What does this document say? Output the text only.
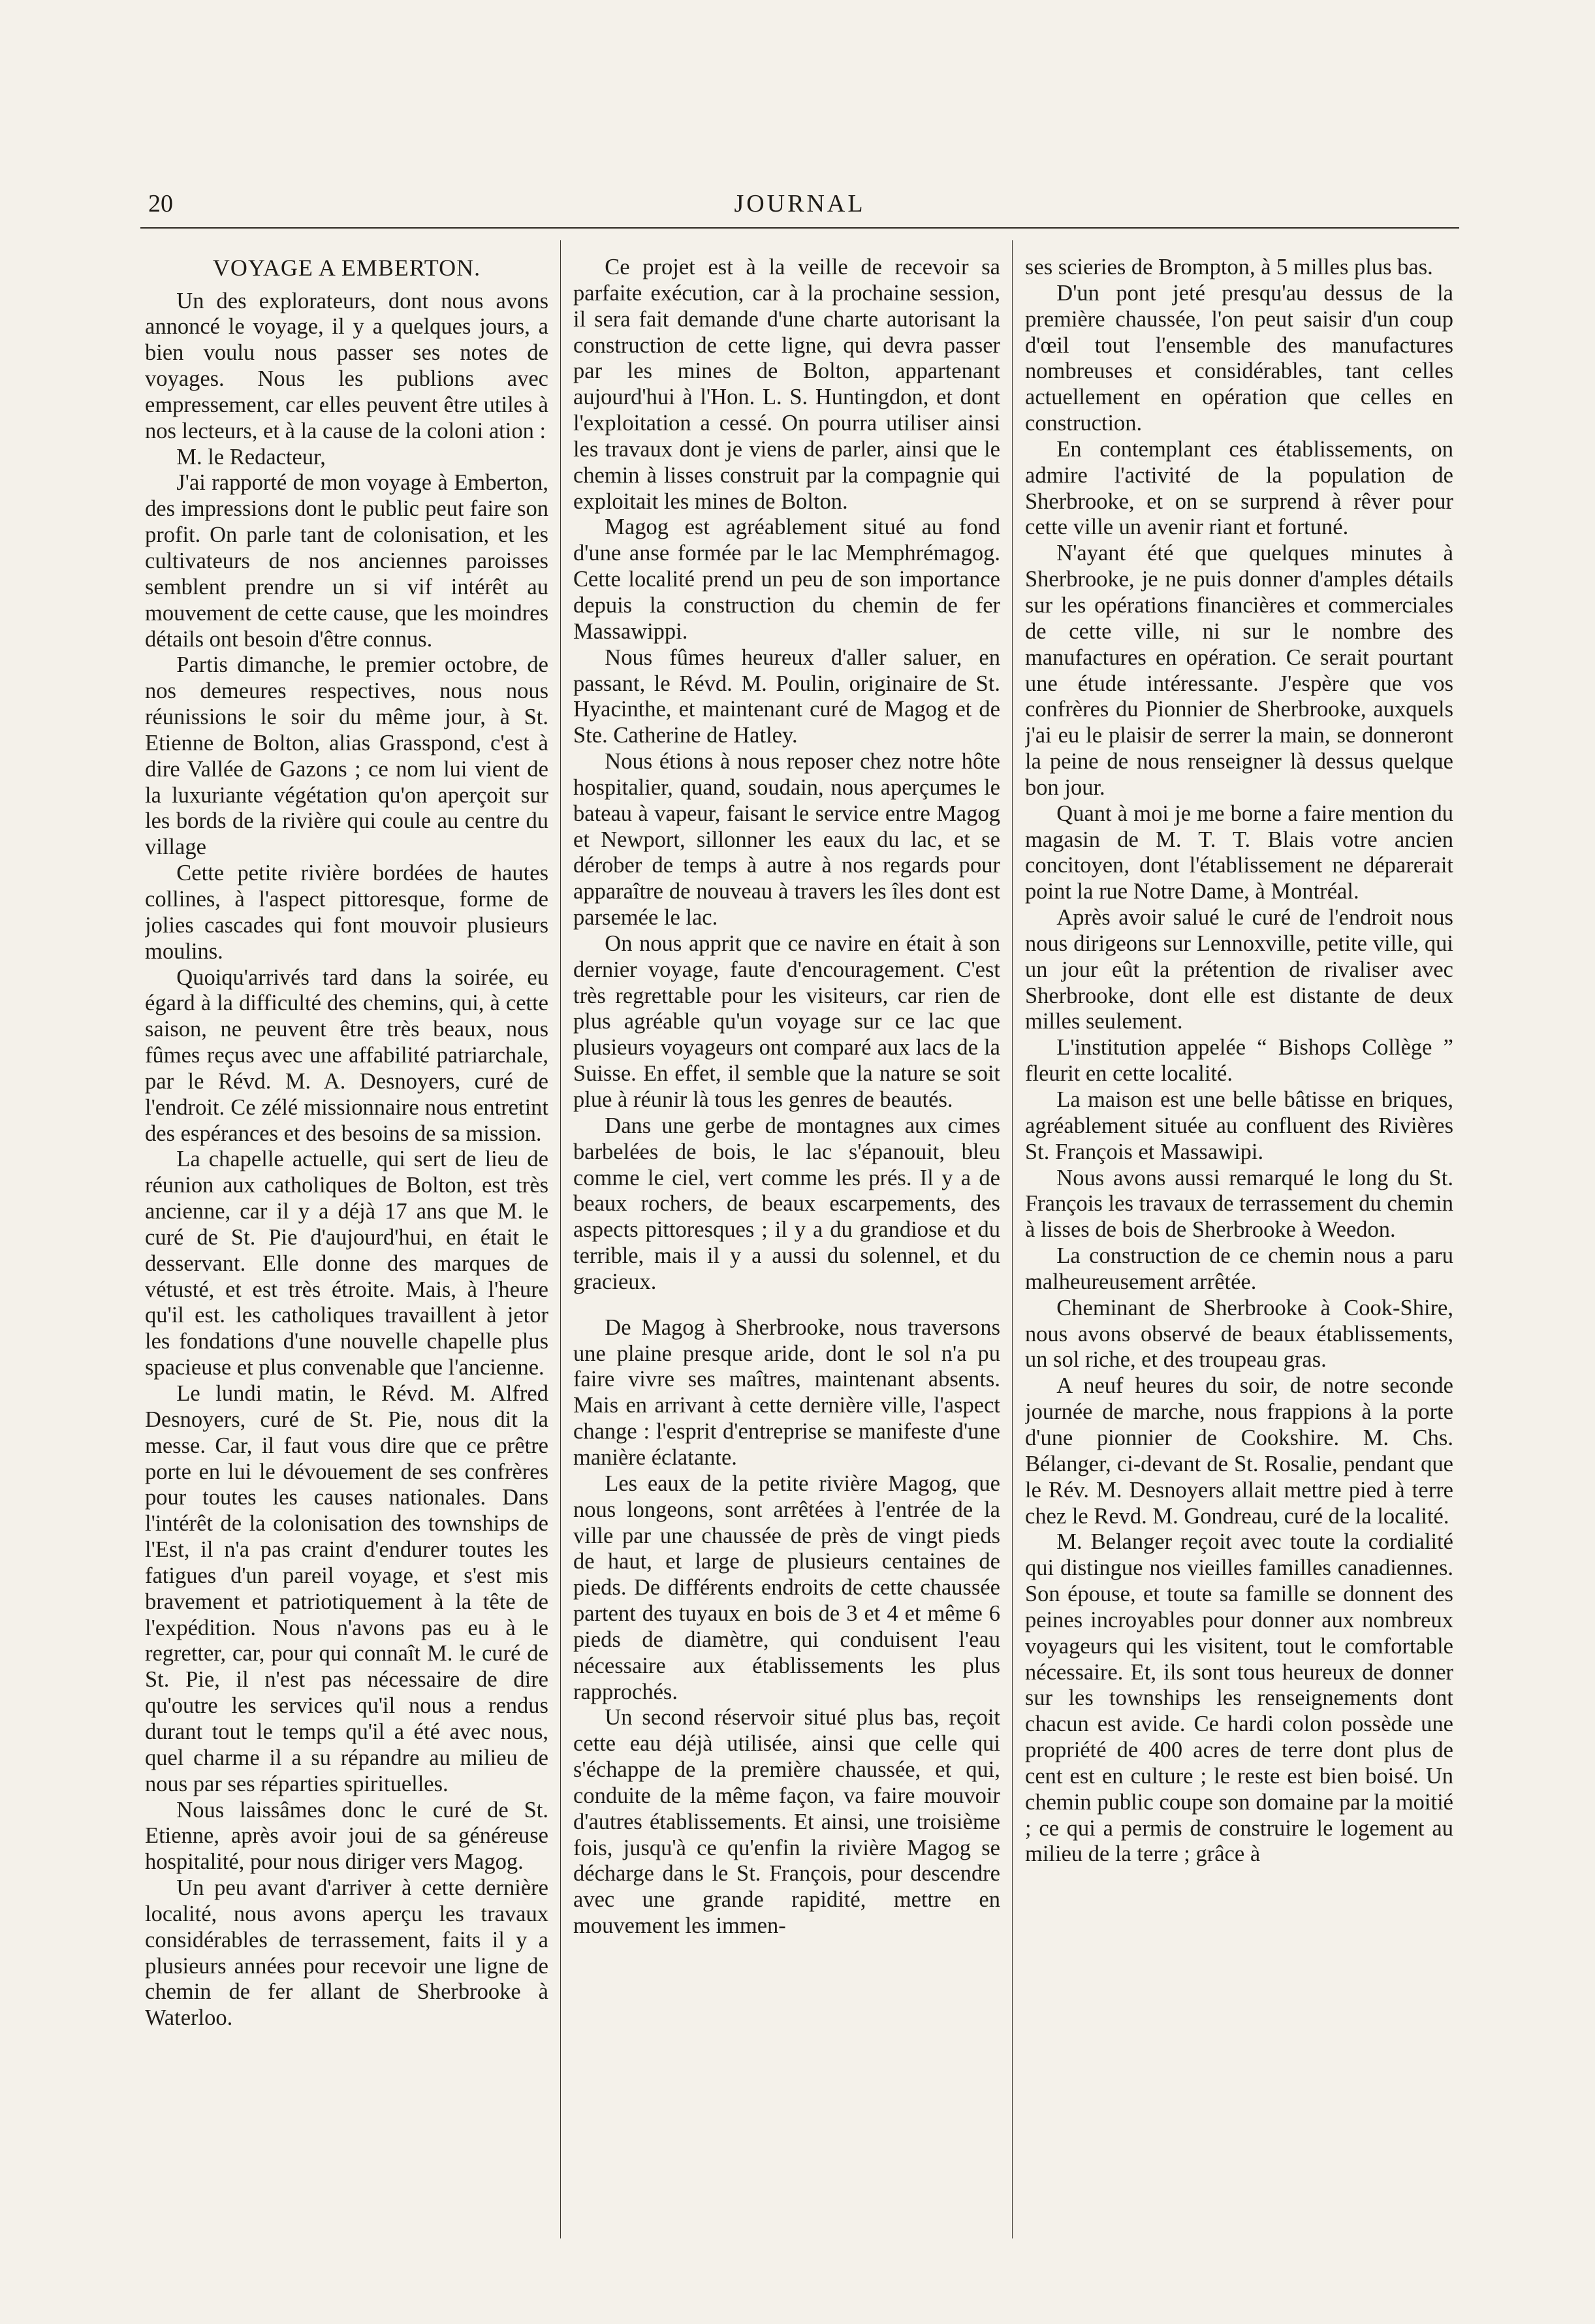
20	JOURNAL
VOYAGE A EMBERTON.

Un des explorateurs, dont nous avons annoncé le voyage, il y a quelques jours, a bien voulu nous passer ses notes de voyages. Nous les publions avec empressement, car elles peuvent être utiles à nos lecteurs, et à la cause de la coloni ation :

M. le Redacteur,

J'ai rapporté de mon voyage à Emberton, des impressions dont le public peut faire son profit. On parle tant de colonisation, et les cultivateurs de nos anciennes paroisses semblent prendre un si vif intérêt au mouvement de cette cause, que les moindres détails ont besoin d'être connus.

Partis dimanche, le premier octobre, de nos demeures respectives, nous nous réunissions le soir du même jour, à St. Etienne de Bolton, alias Grasspond, c'est à dire Vallée de Gazons ; ce nom lui vient de la luxuriante végétation qu'on aperçoit sur les bords de la rivière qui coule au centre du village

Cette petite rivière bordées de hautes collines, à l'aspect pittoresque, forme de jolies cascades qui font mouvoir plusieurs moulins.

Quoiqu'arrivés tard dans la soirée, eu égard à la difficulté des chemins, qui, à cette saison, ne peuvent être très beaux, nous fûmes reçus avec une affabilité patriarchale, par le Révd. M. A. Desnoyers, curé de l'endroit. Ce zélé missionnaire nous entretint des espérances et des besoins de sa mission.

La chapelle actuelle, qui sert de lieu de réunion aux catholiques de Bolton, est très ancienne, car il y a déjà 17 ans que M. le curé de St. Pie d'aujourd'hui, en était le desservant. Elle donne des marques de vétusté, et est très étroite. Mais, à l'heure qu'il est. les catholiques travaillent à jetor les fondations d'une nouvelle chapelle plus spacieuse et plus convenable que l'ancienne.

Le lundi matin, le Révd. M. Alfred Desnoyers, curé de St. Pie, nous dit la messe. Car, il faut vous dire que ce prêtre porte en lui le dévouement de ses confrères pour toutes les causes nationales. Dans l'intérêt de la colonisation des townships de l'Est, il n'a pas craint d'endurer toutes les fatigues d'un pareil voyage, et s'est mis bravement et patriotiquement à la tête de l'expédition. Nous n'avons pas eu à le regretter, car, pour qui connaît M. le curé de St. Pie, il n'est pas nécessaire de dire qu'outre les services qu'il nous a rendus durant tout le temps qu'il a été avec nous, quel charme il a su répandre au milieu de nous par ses réparties spirituelles.

Nous laissâmes donc le curé de St. Etienne, après avoir joui de sa généreuse hospitalité, pour nous diriger vers Magog.

Un peu avant d'arriver à cette dernière localité, nous avons aperçu les travaux considérables de terrassement, faits il y a plusieurs années pour recevoir une ligne de chemin de fer allant de Sherbrooke à Waterloo.

Ce projet est à la veille de recevoir sa parfaite exécution, car à la prochaine session, il sera fait demande d'une charte autorisant la construction de cette ligne, qui devra passer par les mines de Bolton, appartenant aujourd'hui à l'Hon. L. S. Huntingdon, et dont l'exploitation a cessé. On pourra utiliser ainsi les travaux dont je viens de parler, ainsi que le chemin à lisses construit par la compagnie qui exploitait les mines de Bolton.

Magog est agréablement situé au fond d'une anse formée par le lac Memphrémagog. Cette localité prend un peu de son importance depuis la construction du chemin de fer Massawippi.

Nous fûmes heureux d'aller saluer, en passant, le Révd. M. Poulin, originaire de St. Hyacinthe, et maintenant curé de Magog et de Ste. Catherine de Hatley.

Nous étions à nous reposer chez notre hôte hospitalier, quand, soudain, nous aperçumes le bateau à vapeur, faisant le service entre Magog et Newport, sillonner les eaux du lac, et se dérober de temps à autre à nos regards pour apparaître de nouveau à travers les îles dont est parsemée le lac.

On nous apprit que ce navire en était à son dernier voyage, faute d'encouragement. C'est très regrettable pour les visiteurs, car rien de plus agréable qu'un voyage sur ce lac que plusieurs voyageurs ont comparé aux lacs de la Suisse. En effet, il semble que la nature se soit plue à réunir là tous les genres de beautés.

Dans une gerbe de montagnes aux cimes barbelées de bois, le lac s'épanouit, bleu comme le ciel, vert comme les prés. Il y a de beaux rochers, de beaux escarpements, des aspects pittoresques ; il y a du grandiose et du terrible, mais il y a aussi du solennel, et du gracieux.

De Magog à Sherbrooke, nous traversons une plaine presque aride, dont le sol n'a pu faire vivre ses maîtres, maintenant absents. Mais en arrivant à cette dernière ville, l'aspect change : l'esprit d'entreprise se manifeste d'une manière éclatante.

Les eaux de la petite rivière Magog, que nous longeons, sont arrêtées à l'entrée de la ville par une chaussée de près de vingt pieds de haut, et large de plusieurs centaines de pieds. De différents endroits de cette chaussée partent des tuyaux en bois de 3 et 4 et même 6 pieds de diamètre, qui conduisent l'eau nécessaire aux établissements les plus rapprochés.

Un second réservoir situé plus bas, reçoit cette eau déjà utilisée, ainsi que celle qui s'échappe de la première chaussée, et qui, conduite de la même façon, va faire mouvoir d'autres établissements. Et ainsi, une troisième fois, jusqu'à ce qu'enfin la rivière Magog se décharge dans le St. François, pour descendre avec une grande rapidité, mettre en mouvement les immen-

ses scieries de Brompton, à 5 milles plus bas.

D'un pont jeté presqu'au dessus de la première chaussée, l'on peut saisir d'un coup d'œil tout l'ensemble des manufactures nombreuses et considérables, tant celles actuellement en opération que celles en construction.

En contemplant ces établissements, on admire l'activité de la population de Sherbrooke, et on se surprend à rêver pour cette ville un avenir riant et fortuné.

N'ayant été que quelques minutes à Sherbrooke, je ne puis donner d'amples détails sur les opérations financières et commerciales de cette ville, ni sur le nombre des manufactures en opération. Ce serait pourtant une étude intéressante. J'espère que vos confrères du Pionnier de Sherbrooke, auxquels j'ai eu le plaisir de serrer la main, se donneront la peine de nous renseigner là dessus quelque bon jour.

Quant à moi je me borne a faire mention du magasin de M. T. T. Blais votre ancien concitoyen, dont l'établissement ne déparerait point la rue Notre Dame, à Montréal.

Après avoir salué le curé de l'endroit nous nous dirigeons sur Lennoxville, petite ville, qui un jour eût la prétention de rivaliser avec Sherbrooke, dont elle est distante de deux milles seulement.

L'institution appelée “ Bishops Collège ” fleurit en cette localité.

La maison est une belle bâtisse en briques, agréablement située au confluent des Rivières St. François et Massawipi.

Nous avons aussi remarqué le long du St. François les travaux de terrassement du chemin à lisses de bois de Sherbrooke à Weedon.

La construction de ce chemin nous a paru malheureusement arrêtée.

Cheminant de Sherbrooke à Cook-Shire, nous avons observé de beaux établissements, un sol riche, et des troupeau gras.

A neuf heures du soir, de notre seconde journée de marche, nous frappions à la porte d'une pionnier de Cookshire. M. Chs. Bélanger, ci-devant de St. Rosalie, pendant que le Rév. M. Desnoyers allait mettre pied à terre chez le Revd. M. Gondreau, curé de la localité.

M. Belanger reçoit avec toute la cordialité qui distingue nos vieilles familles canadiennes. Son épouse, et toute sa famille se donnent des peines incroyables pour donner aux nombreux voyageurs qui les visitent, tout le comfortable nécessaire. Et, ils sont tous heureux de donner sur les townships les renseignements dont chacun est avide. Ce hardi colon possède une propriété de 400 acres de terre dont plus de cent est en culture ; le reste est bien boisé. Un chemin public coupe son domaine par la moitié ; ce qui a permis de construire le logement au milieu de la terre ; grâce à
